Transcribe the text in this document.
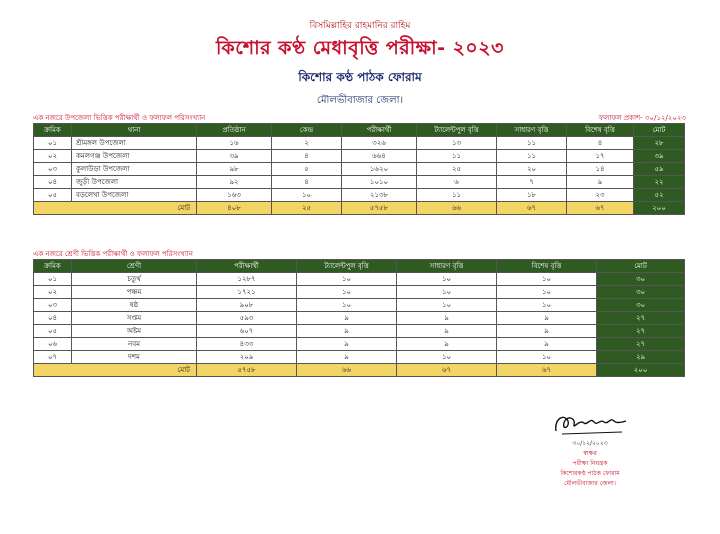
বিসমিল্লাহির রাহমানির রাহিম
কিশোর কণ্ঠ মেধাবৃত্তি পরীক্ষা- ২০২৩
কিশোর কণ্ঠ পাঠক ফোরাম
মৌলভীবাজার জেলা।
এক নজরে উপজেলা ভিত্তিক পরীক্ষার্থী ও ফলাফল পরিসংখ্যান	ফলাফল প্রকাশ- ৩০/১২/২০২৩
ক্রমিক	থানা	প্রতিষ্ঠান	কেন্দ্র	পরীক্ষার্থী	ট্যালেন্টপুল বৃত্তি	সাধারণ বৃত্তি	বিশেষ বৃত্তি	মোট
০১	শ্রীমঙ্গল উপজেলা	১৬	২	৩২৬	১৩	১১	৪	২৮
০২	কমলগঞ্জ উপজেলা	৩৯	৪	৬৬৪	১১	১১	১৭	৩৯
০৩	কুলাউড়া উপজেলা	৯৮	৫	১৬২০	২৫	২০	১৪	৫৯
০৪	জুড়ী উপজেলা	৯২	৪	১০১০	৬	৭	৯	২২
০৫	বড়লেখা উপজেলা	১৬৩	১০	২১৩৮	১১	১৮	২৩	৫২
মোট		৪০৮	২৫	৫৭৫৮	৬৬	৬৭	৬৭	২০০
এক নজরে শ্রেণী ভিত্তিক পরীক্ষার্থী ও ফলাফল পরিসংখ্যান
ক্রমিক	শ্রেণী	পরীক্ষার্থী	ট্যালেন্টপুল বৃত্তি	সাধারণ বৃত্তি	বিশেষ বৃত্তি	মোট
০১	চতুর্থ	১২৮৭	১০	১০	১০	৩০
০২	পঞ্চম	১৭২১	১০	১০	১০	৩০
০৩	ষষ্ঠ	৯০৮	১০	১০	১০	৩০
০৪	সপ্তম	৫৯৩	৯	৯	৯	২৭
০৫	অষ্টম	৬০৭	৯	৯	৯	২৭
০৬	নবম	৪৩৩	৯	৯	৯	২৭
০৭	দশম	২০৯	৯	১০	১০	২৯
মোট		৫৭৫৮	৬৬	৬৭	৬৭	২০০
৩০/১২/২০২৩
স্বাক্ষর
পরীক্ষা নিয়ন্ত্রক
কিশোরকণ্ঠ পাঠক ফোরাম
মৌলভীবাজার জেলা।
